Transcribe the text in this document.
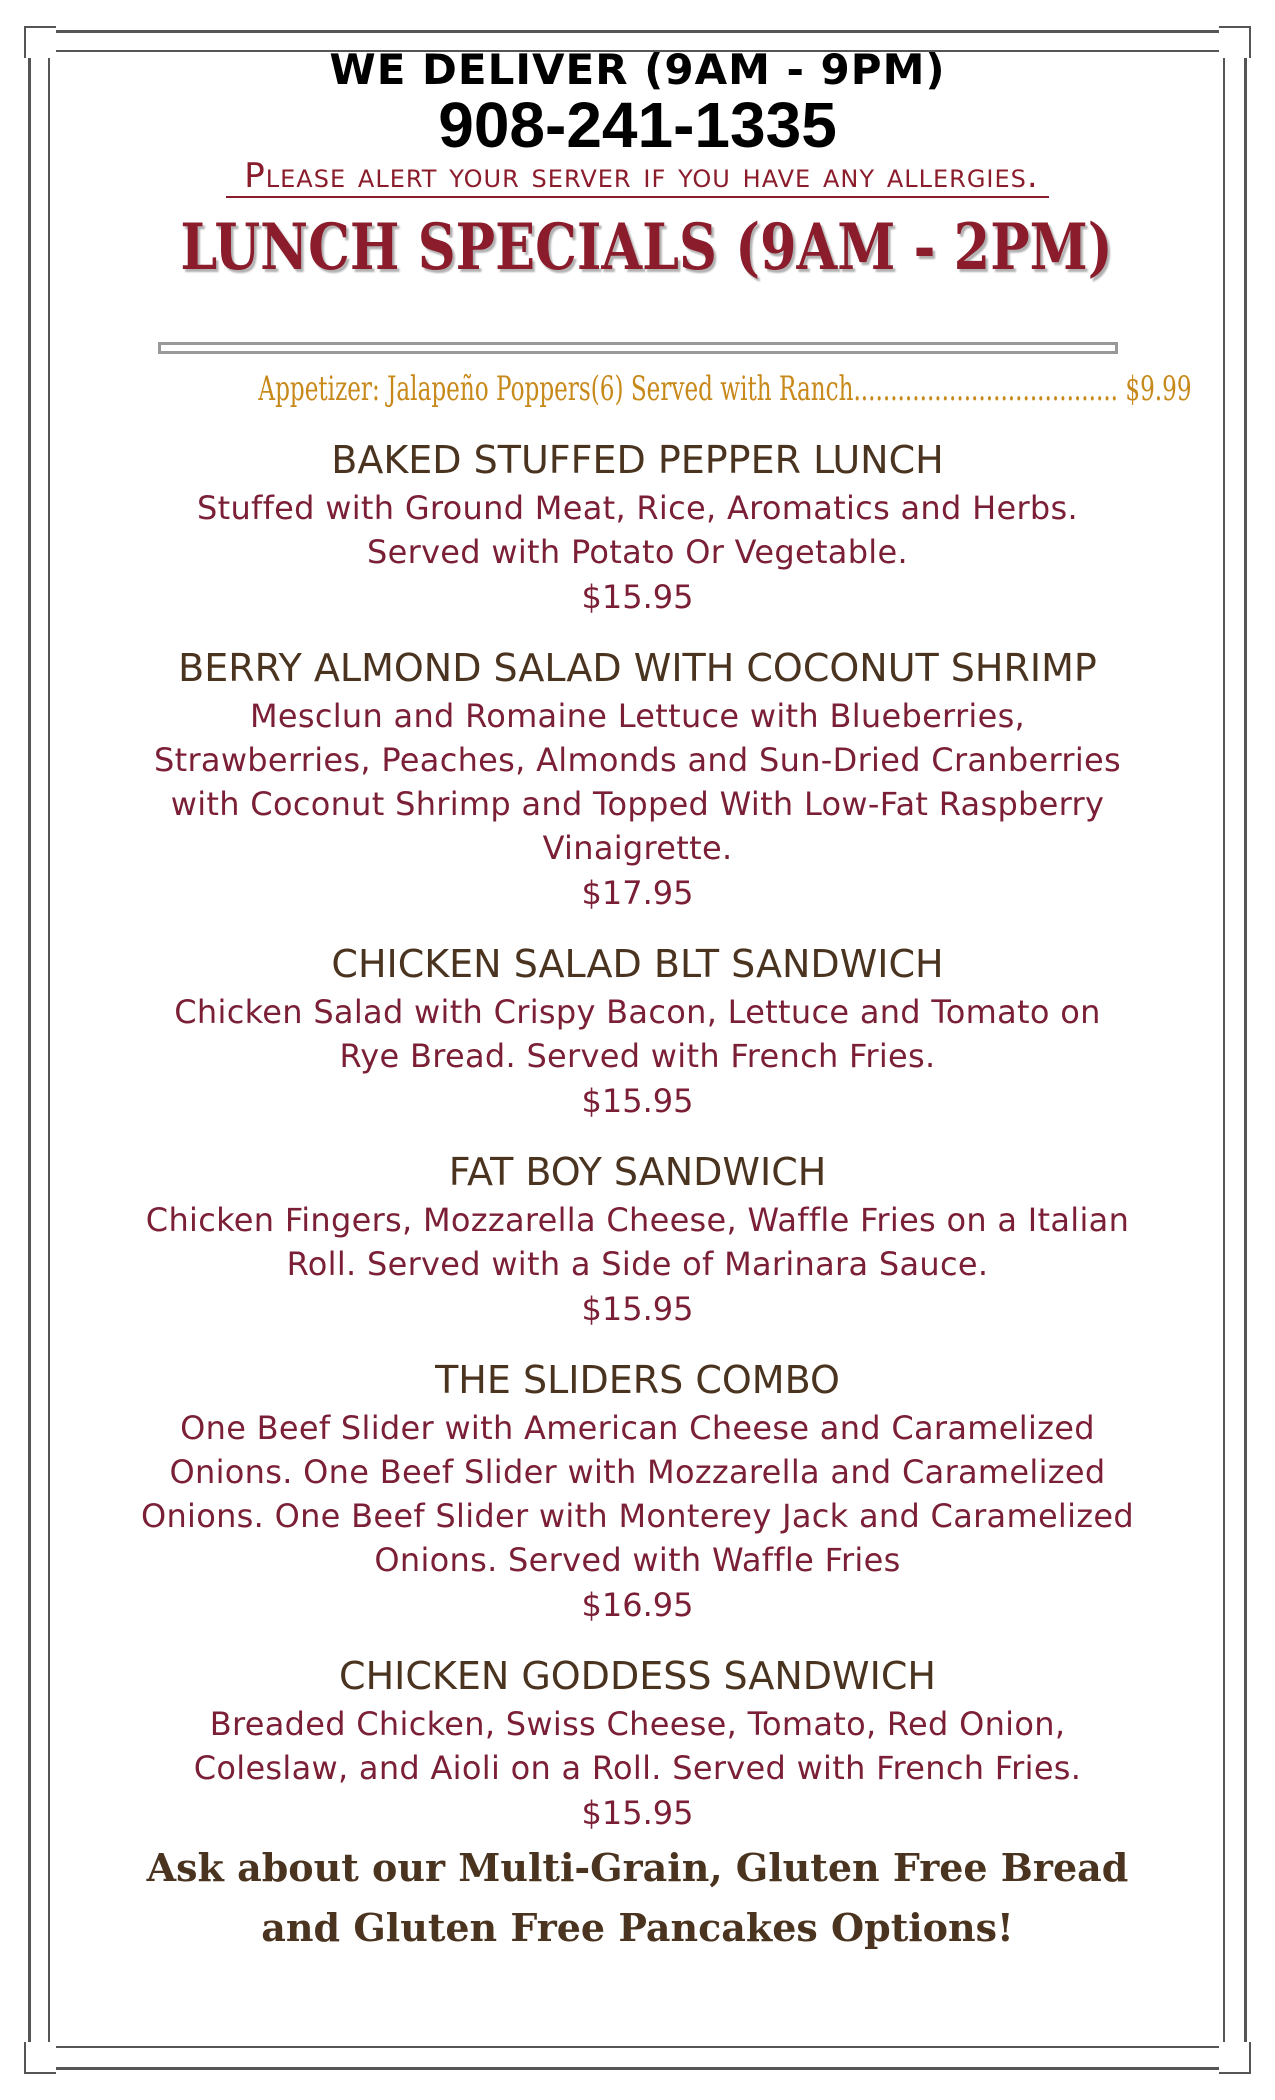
WE DELIVER (9AM - 9PM)
908-241-1335
Please alert your server if you have any allergies.
LUNCH SPECIALS (9AM - 2PM)
Appetizer: Jalapeño Poppers(6) Served with Ranch.................................... $9.99
BAKED STUFFED PEPPER LUNCH
Stuffed with Ground Meat, Rice, Aromatics and Herbs. Served with Potato Or Vegetable.
$15.95
BERRY ALMOND SALAD WITH COCONUT SHRIMP
Mesclun and Romaine Lettuce with Blueberries, Strawberries, Peaches, Almonds and Sun-Dried Cranberries with Coconut Shrimp and Topped With Low-Fat Raspberry Vinaigrette.
$17.95
CHICKEN SALAD BLT SANDWICH
Chicken Salad with Crispy Bacon, Lettuce and Tomato on Rye Bread. Served with French Fries.
$15.95
FAT BOY SANDWICH
Chicken Fingers, Mozzarella Cheese, Waffle Fries on a Italian Roll. Served with a Side of Marinara Sauce.
$15.95
THE SLIDERS COMBO
One Beef Slider with American Cheese and Caramelized Onions. One Beef Slider with Mozzarella and Caramelized Onions. One Beef Slider with Monterey Jack and Caramelized Onions. Served with Waffle Fries
$16.95
CHICKEN GODDESS SANDWICH
Breaded Chicken, Swiss Cheese, Tomato, Red Onion, Coleslaw, and Aioli on a Roll. Served with French Fries.
$15.95
Ask about our Multi-Grain, Gluten Free Bread and Gluten Free Pancakes Options!
